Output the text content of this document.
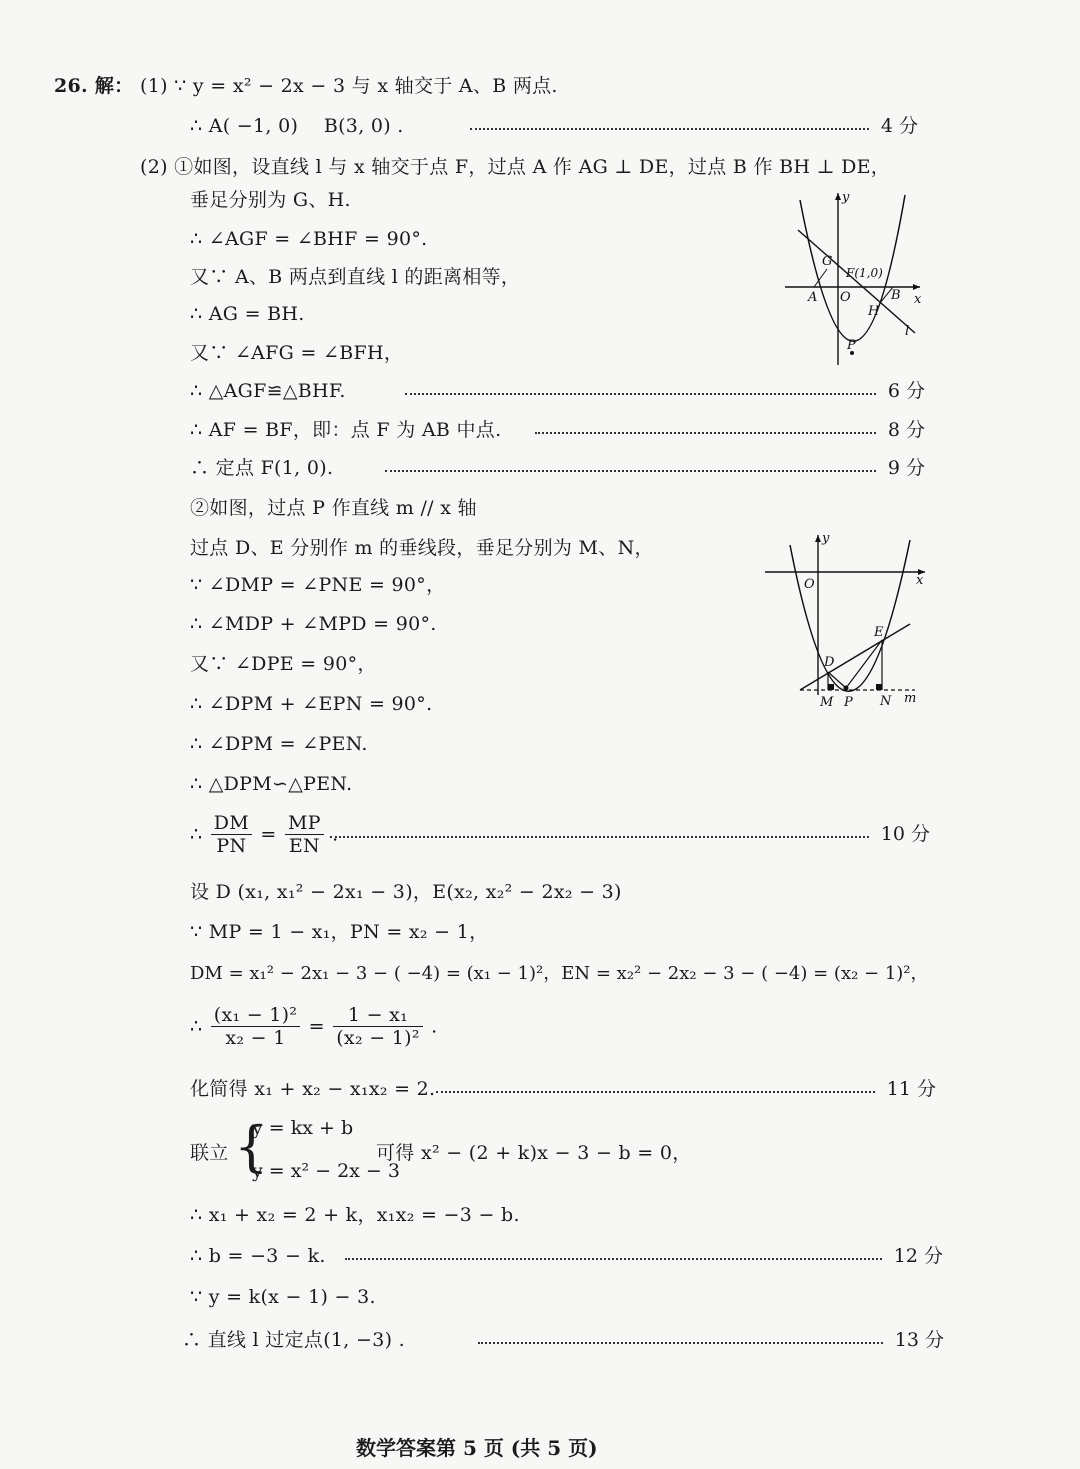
26. 解： (1) ∵ y = x² − 2x − 3 与 x 轴交于 A、B 两点.
∴ A( −1, 0)　 B(3, 0) .	4 分
(2) ①如图，设直线 l 与 x 轴交于点 F，过点 A 作 AG ⊥ DE，过点 B 作 BH ⊥ DE，
垂足分别为 G、H.
∴ ∠AGF = ∠BHF = 90°.
又∵ A、B 两点到直线 l 的距离相等，
∴ AG = BH.
又∵ ∠AFG = ∠BFH，
∴ △AGF≌△BHF.	6 分
∴ AF = BF，即：点 F 为 AB 中点.	8 分
∴ 定点 F(1, 0).	9 分
y
x
G
F(1,0)
A O	B
H
l
P
②如图，过点 P 作直线 m // x 轴
过点 D、E 分别作 m 的垂线段，垂足分别为 M、N，
∵ ∠DMP = ∠PNE = 90°，
∴ ∠MDP + ∠MPD = 90°.
又∵ ∠DPE = 90°，
∴ ∠DPM + ∠EPN = 90°.
∴ ∠DPM = ∠PEN.
∴ △DPM∽△PEN.
∴ $\frac{DM}{PN} = \frac{MP}{EN}$ .	10 分
设 D (x₁, x₁² − 2x₁ − 3)，E(x₂, x₂² − 2x₂ − 3)
∵ MP = 1 − x₁，PN = x₂ − 1，
DM = x₁² − 2x₁ − 3 − ( −4) = (x₁ − 1)²，EN = x₂² − 2x₂ − 3 − ( −4) = (x₂ − 1)²，
∴ $\frac{\text{(x₁ − 1)²}}{\text{x₂ − 1}} = \frac{\text{1 − x₁}}{\text{(x₂ − 1)²}}$ .
化简得 x₁ + x₂ − x₁x₂ = 2.	11 分
联立 {
y = kx + b
y = x² − 2x − 3
可得 x² − (2 + k)x − 3 − b = 0，
∴ x₁ + x₂ = 2 + k，x₁x₂ = −3 − b.
∴ b = −3 − k.	12 分
∵ y = k(x − 1) − 3.
∴ 直线 l 过定点(1, −3) .	13 分
y
x
O
E
D
M P N m
数学答案第 5 页 (共 5 页)
